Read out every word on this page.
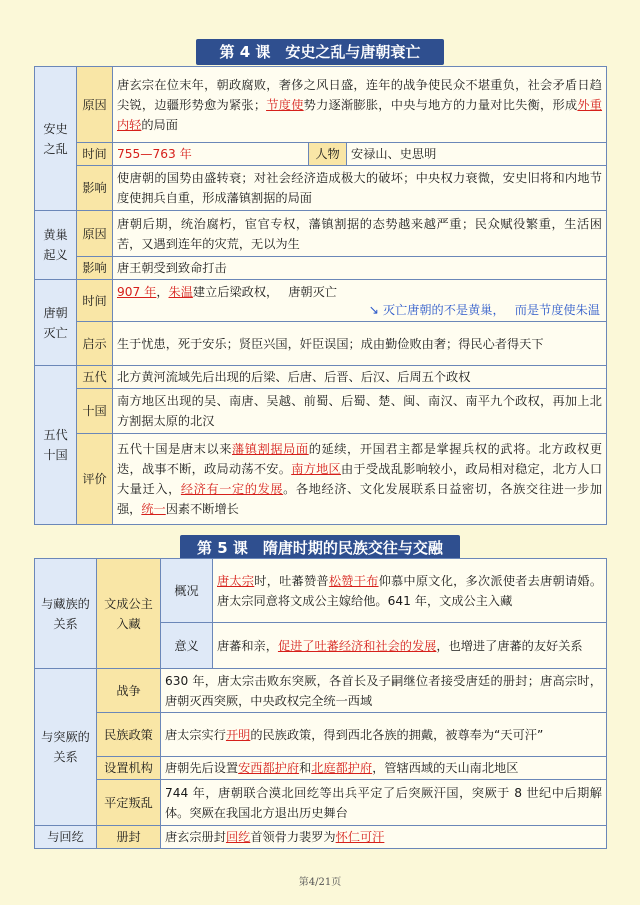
第 4 课　安史之乱与唐朝衰亡
安史之乱	原因	唐玄宗在位末年，朝政腐败，奢侈之风日盛，连年的战争使民众不堪重负，社会矛盾日趋尖锐，边疆形势愈为紧张；节度使势力逐渐膨胀，中央与地方的力量对比失衡，形成外重内轻的局面		
	时间	755—763 年	人物	安禄山、史思明
	影响	使唐朝的国势由盛转衰；对社会经济造成极大的破坏；中央权力衰微，安史旧将和内地节度使拥兵自重，形成藩镇割据的局面		
黄巢起义	原因	唐朝后期，统治腐朽，宦官专权，藩镇割据的态势越来越严重；民众赋役繁重，生活困苦，又遇到连年的灾荒，无以为生		
	影响	唐王朝受到致命打击		
唐朝灭亡	时间	907 年，朱温建立后梁政权， 唐朝灭亡
↘ 灭亡唐朝的不是黄巢， 而是节度使朱温		

	启示	生于忧患，死于安乐；贤臣兴国，奸臣误国；成由勤俭败由奢；得民心者得天下		
五代十国	五代	北方黄河流域先后出现的后梁、后唐、后晋、后汉、后周五个政权		
	十国	南方地区出现的吴、南唐、吴越、前蜀、后蜀、楚、闽、南汉、南平九个政权，再加上北方割据太原的北汉		
	评价	五代十国是唐末以来藩镇割据局面的延续，开国君主都是掌握兵权的武将。北方政权更迭，战事不断，政局动荡不安。南方地区由于受战乱影响较小，政局相对稳定，北方人口大量迁入，经济有一定的发展。各地经济、文化发展联系日益密切，各族交往进一步加强，统一因素不断增长		
第 5 课　隋唐时期的民族交往与交融
与藏族的关系	文成公主入藏	概况	唐太宗时，吐蕃赞普松赞干布仰慕中原文化，多次派使者去唐朝请婚。唐太宗同意将文成公主嫁给他。641 年，文成公主入藏
		意义	唐蕃和亲，促进了吐蕃经济和社会的发展，也增进了唐蕃的友好关系
与突厥的关系	战争	630 年，唐太宗击败东突厥，各首长及子嗣继位者接受唐廷的册封；唐高宗时，唐朝灭西突厥，中央政权完全统一西域	
	民族政策	唐太宗实行开明的民族政策，得到西北各族的拥戴，被尊奉为“天可汗”	
	设置机构	唐朝先后设置安西都护府和北庭都护府，管辖西域的天山南北地区	
	平定叛乱	744 年，唐朝联合漠北回纥等出兵平定了后突厥汗国，突厥于 8 世纪中后期解体。突厥在我国北方退出历史舞台	
与回纥	册封	唐玄宗册封回纥首领骨力裴罗为怀仁可汗	
第4/21页
